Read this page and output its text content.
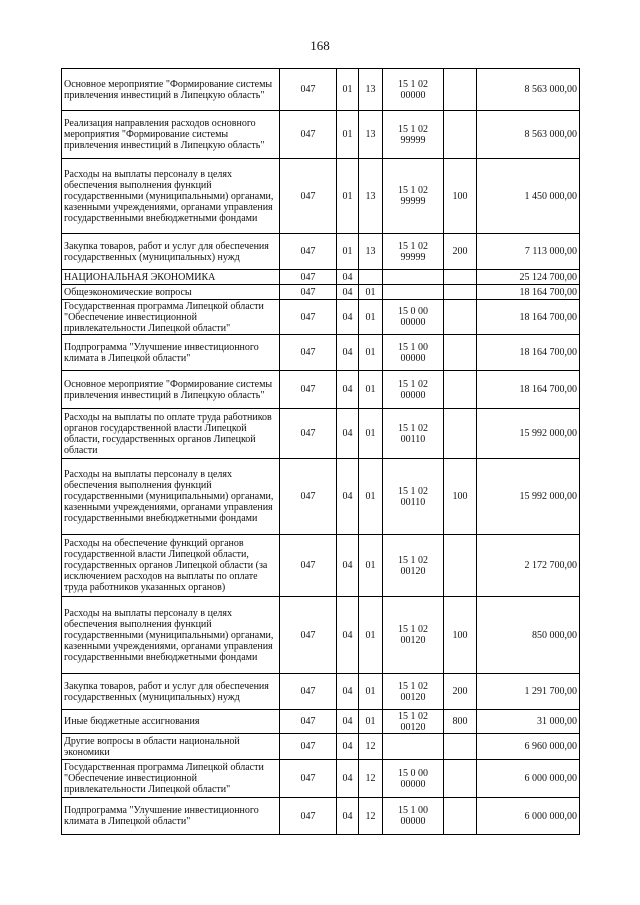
168
Основное мероприятие "Формирование системы привлечения инвестиций в Липецкую область"	047	01	13	15 1 02 00000		8 563 000,00
Реализация направления расходов основного мероприятия "Формирование системы привлечения инвестиций в Липецкую область"	047	01	13	15 1 02 99999		8 563 000,00
Расходы на выплаты персоналу в целях обеспечения выполнения функций государственными (муниципальными) органами, казенными учреждениями, органами управления государственными внебюджетными фондами	047	01	13	15 1 02 99999	100	1 450 000,00
Закупка товаров, работ и услуг для обеспечения государственных (муниципальных) нужд	047	01	13	15 1 02 99999	200	7 113 000,00
НАЦИОНАЛЬНАЯ ЭКОНОМИКА	047	04				25 124 700,00
Общеэкономические вопросы	047	04	01			18 164 700,00
Государственная программа Липецкой области "Обеспечение инвестиционной привлекательности Липецкой области"	047	04	01	15 0 00 00000		18 164 700,00
Подпрограмма "Улучшение инвестиционного климата в Липецкой области"	047	04	01	15 1 00 00000		18 164 700,00
Основное мероприятие "Формирование системы привлечения инвестиций в Липецкую область"	047	04	01	15 1 02 00000		18 164 700,00
Расходы на выплаты по оплате труда работников органов государственной власти Липецкой области, государственных органов Липецкой области	047	04	01	15 1 02 00110		15 992 000,00
Расходы на выплаты персоналу в целях обеспечения выполнения функций государственными (муниципальными) органами, казенными учреждениями, органами управления государственными внебюджетными фондами	047	04	01	15 1 02 00110	100	15 992 000,00
Расходы на обеспечение функций органов государственной власти Липецкой области, государственных органов Липецкой области (за исключением расходов на выплаты по оплате труда работников указанных органов)	047	04	01	15 1 02 00120		2 172 700,00
Расходы на выплаты персоналу в целях обеспечения выполнения функций государственными (муниципальными) органами, казенными учреждениями, органами управления государственными внебюджетными фондами	047	04	01	15 1 02 00120	100	850 000,00
Закупка товаров, работ и услуг для обеспечения государственных (муниципальных) нужд	047	04	01	15 1 02 00120	200	1 291 700,00
Иные бюджетные ассигнования	047	04	01	15 1 02 00120	800	31 000,00
Другие вопросы в области национальной экономики	047	04	12			6 960 000,00
Государственная программа Липецкой области "Обеспечение инвестиционной привлекательности Липецкой области"	047	04	12	15 0 00 00000		6 000 000,00
Подпрограмма "Улучшение инвестиционного климата в Липецкой области"	047	04	12	15 1 00 00000		6 000 000,00
